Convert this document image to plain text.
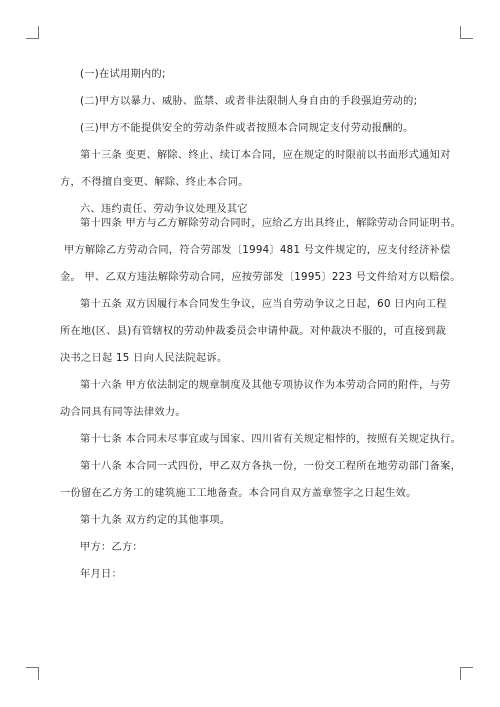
(一)在试用期内的;
(二)甲方以暴力、威胁、监禁、或者非法限制人身自由的手段强迫劳动的;
(三)甲方不能提供安全的劳动条件或者按照本合同规定支付劳动报酬的。
第十三条 变更、解除、终止、续订本合同，应在规定的时限前以书面形式通知对
方，不得擅自变更、解除、终止本合同。
六、违约责任、劳动争议处理及其它
第十四条 甲方与乙方解除劳动合同时，应给乙方出具终止，解除劳动合同证明书。
甲方解除乙方劳动合同，符合劳部发〔1994〕481 号文件规定的，应支付经济补偿
金。 甲、乙双方违法解除劳动合同，应按劳部发〔1995〕223 号文件给对方以赔偿。
第十五条 双方因履行本合同发生争议，应当自劳动争议之日起，60 日内向工程
所在地(区、县)有管辖权的劳动仲裁委员会申请仲裁。对仲裁决不服的，可直接到裁
决书之日起 15 日向人民法院起诉。
第十六条 甲方依法制定的规章制度及其他专项协议作为本劳动合同的附件，与劳
动合同具有同等法律效力。
第十七条 本合同未尽事宜或与国家、四川省有关规定相悖的，按照有关规定执行。
第十八条 本合同一式四份，甲乙双方各执一份，一份交工程所在地劳动部门备案，
一份留在乙方务工的建筑施工工地备查。本合同自双方盖章签字之日起生效。
第十九条 双方约定的其他事项。
甲方：乙方：
年月日：
